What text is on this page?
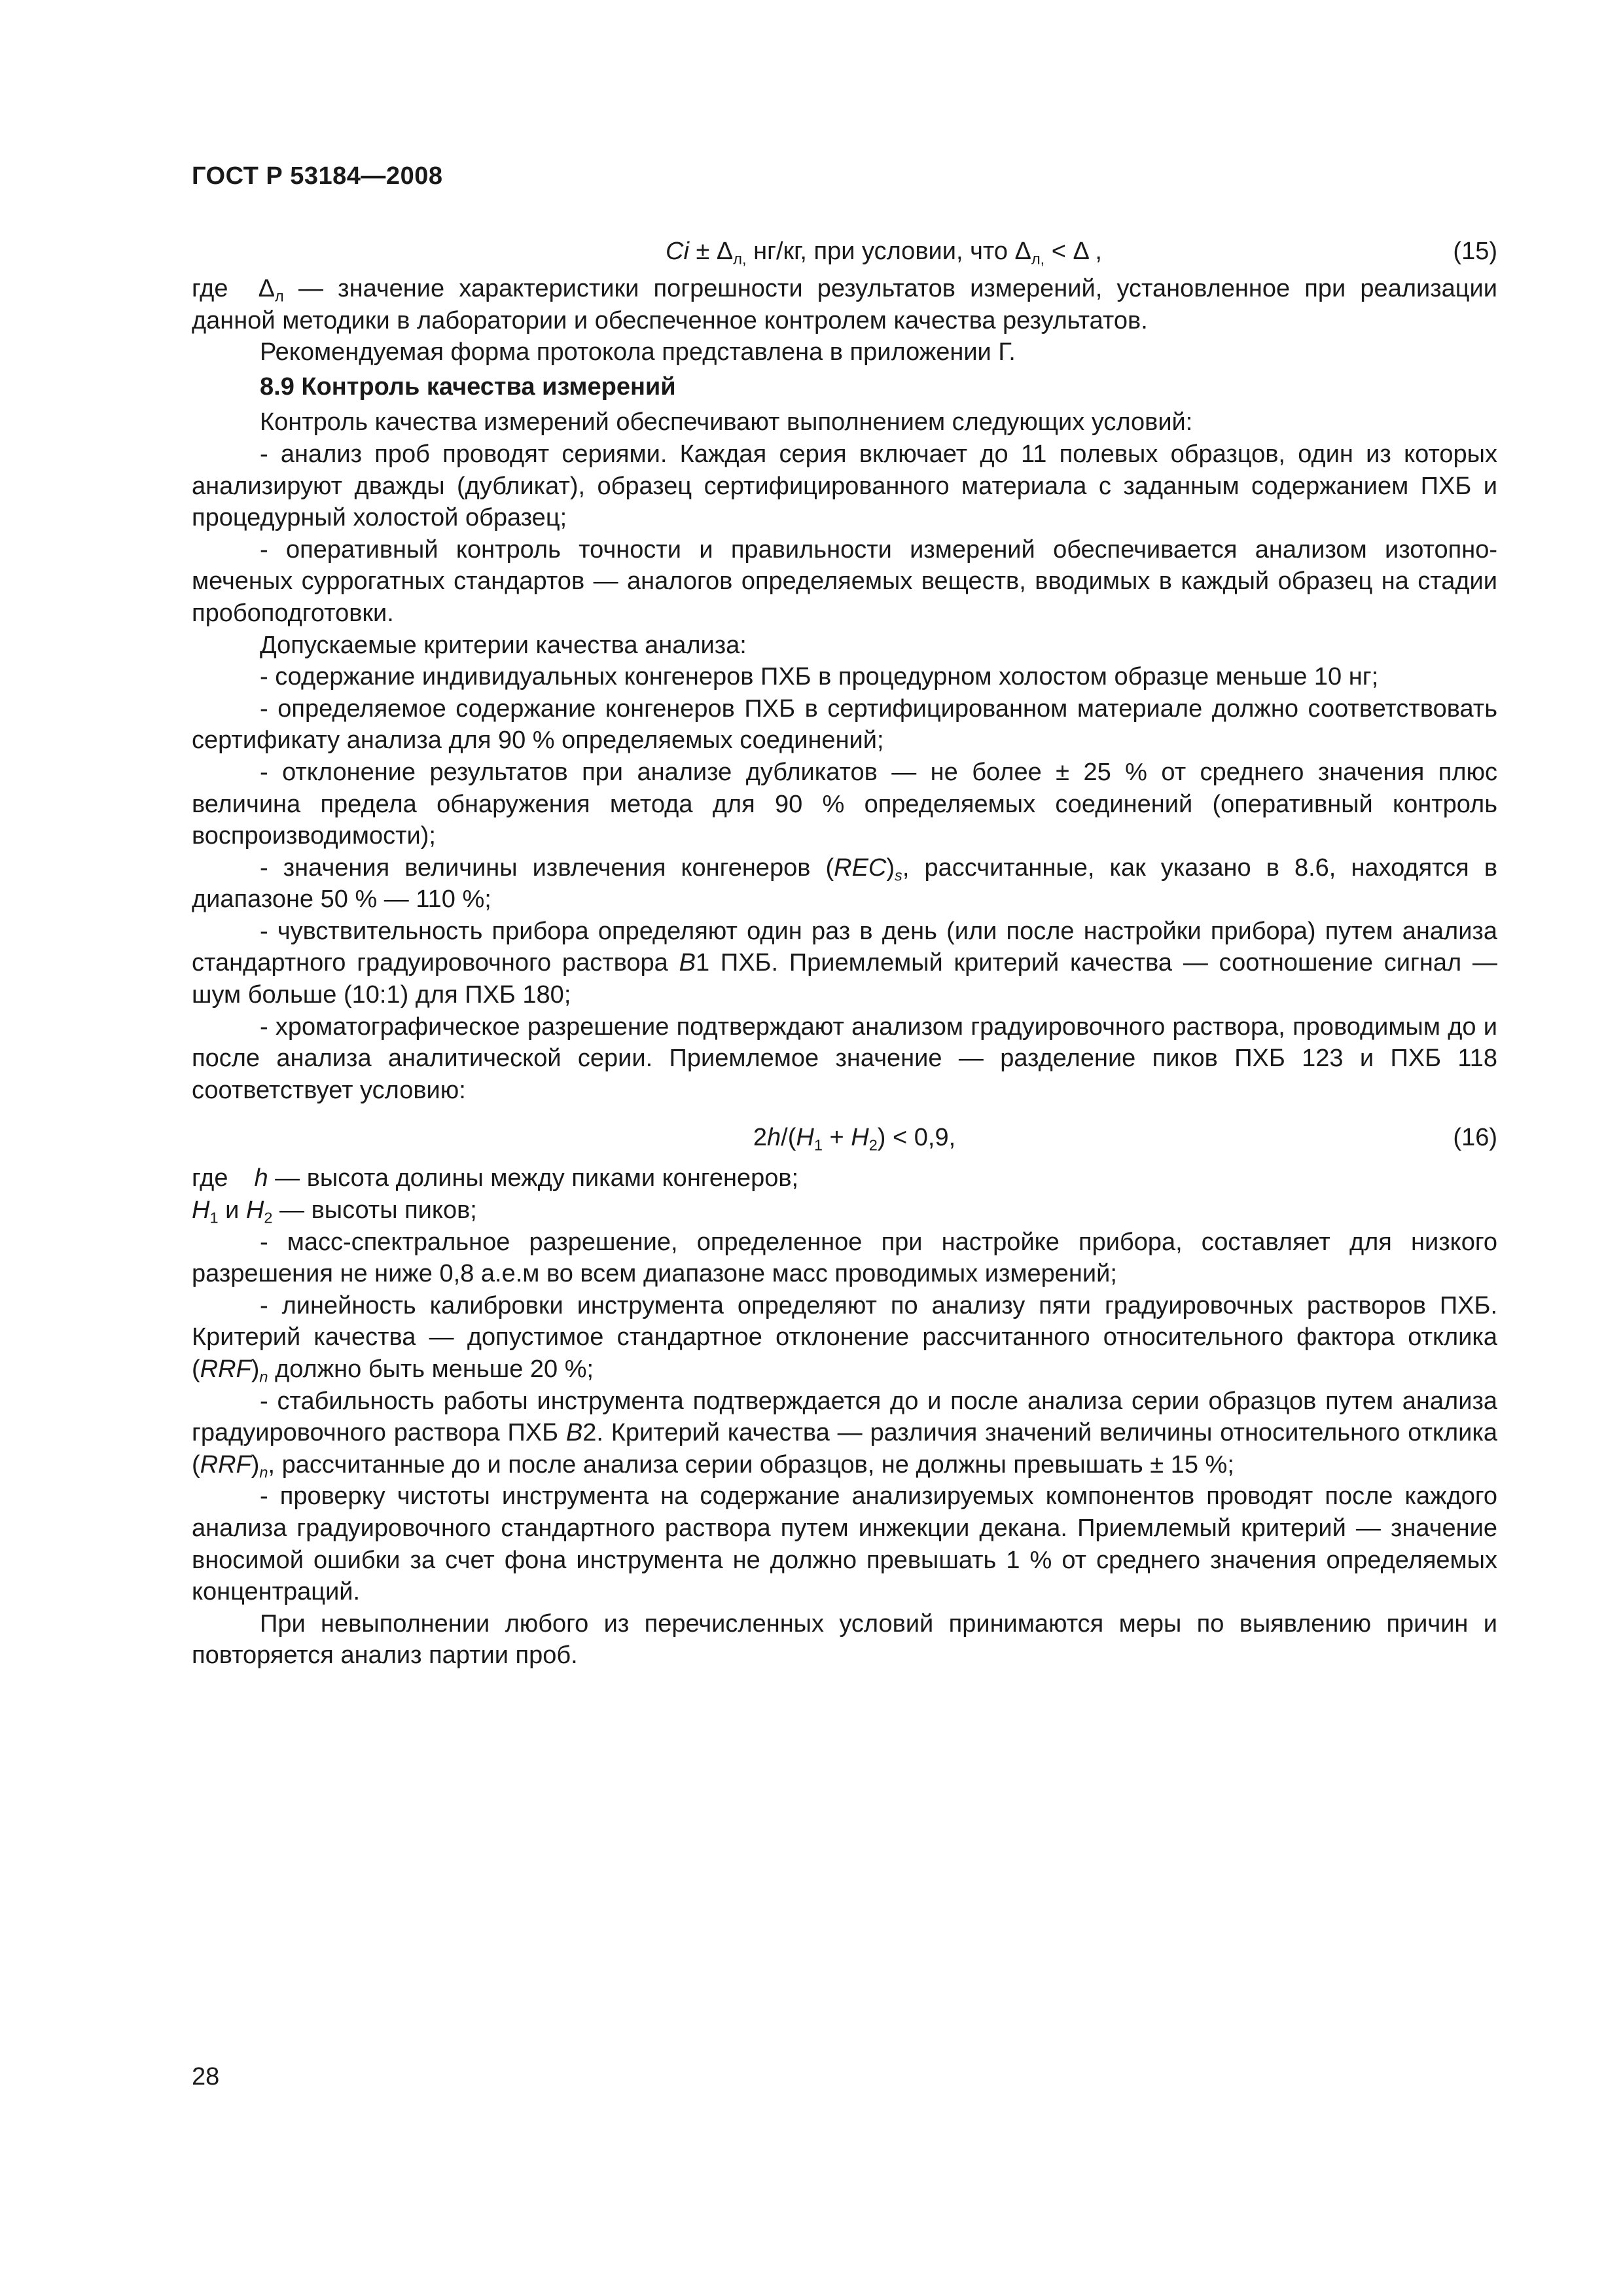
ГОСТ Р 53184—2008
$Ci \pm \Delta_{л,}$ нг/кг, при условии, что $\Delta_{л,} < \Delta$ ,	(15)

где $\Delta_л$ — значение характеристики погрешности результатов измерений, установленное при реализации данной методики в лаборатории и обеспеченное контролем качества результатов.

Рекомендуемая форма протокола представлена в приложении Г.

8.9 Контроль качества измерений

Контроль качества измерений обеспечивают выполнением следующих условий:

- анализ проб проводят сериями. Каждая серия включает до 11 полевых образцов, один из которых анализируют дважды (дубликат), образец сертифицированного материала с заданным содержанием ПХБ и процедурный холостой образец;

- оперативный контроль точности и правильности измерений обеспечивается анализом изотопно-меченых суррогатных стандартов — аналогов определяемых веществ, вводимых в каждый образец на стадии пробоподготовки.

Допускаемые критерии качества анализа:

- содержание индивидуальных конгенеров ПХБ в процедурном холостом образце меньше 10 нг;

- определяемое содержание конгенеров ПХБ в сертифицированном материале должно соответствовать сертификату анализа для 90 % определяемых соединений;

- отклонение результатов при анализе дубликатов — не более ± 25 % от среднего значения плюс величина предела обнаружения метода для 90 % определяемых соединений (оперативный контроль воспроизводимости);

- значения величины извлечения конгенеров $(REC)_s$, рассчитанные, как указано в 8.6, находятся в диапазоне 50 % — 110 %;

- чувствительность прибора определяют один раз в день (или после настройки прибора) путем анализа стандартного градуировочного раствора В1 ПХБ. Приемлемый критерий качества — соотношение сигнал — шум больше (10:1) для ПХБ 180;

- хроматографическое разрешение подтверждают анализом градуировочного раствора, проводимым до и после анализа аналитической серии. Приемлемое значение — разделение пиков ПХБ 123 и ПХБ 118 соответствует условию:

$2h/(H_1 + H_2) < 0,9$,	(16)

где h — высота долины между пиками конгенеров;

$H_1$ и $H_2$ — высоты пиков;

- масс-спектральное разрешение, определенное при настройке прибора, составляет для низкого разрешения не ниже 0,8 а.е.м во всем диапазоне масс проводимых измерений;

- линейность калибровки инструмента определяют по анализу пяти градуировочных растворов ПХБ. Критерий качества — допустимое стандартное отклонение рассчитанного относительного фактора отклика $(RRF)_n$ должно быть меньше 20 %;

- стабильность работы инструмента подтверждается до и после анализа серии образцов путем анализа градуировочного раствора ПХБ В2. Критерий качества — различия значений величины относительного отклика $(RRF)_n$, рассчитанные до и после анализа серии образцов, не должны превышать ± 15 %;

- проверку чистоты инструмента на содержание анализируемых компонентов проводят после каждого анализа градуировочного стандартного раствора путем инжекции декана. Приемлемый критерий — значение вносимой ошибки за счет фона инструмента не должно превышать 1 % от среднего значения определяемых концентраций.

При невыполнении любого из перечисленных условий принимаются меры по выявлению причин и повторяется анализ партии проб.

28
